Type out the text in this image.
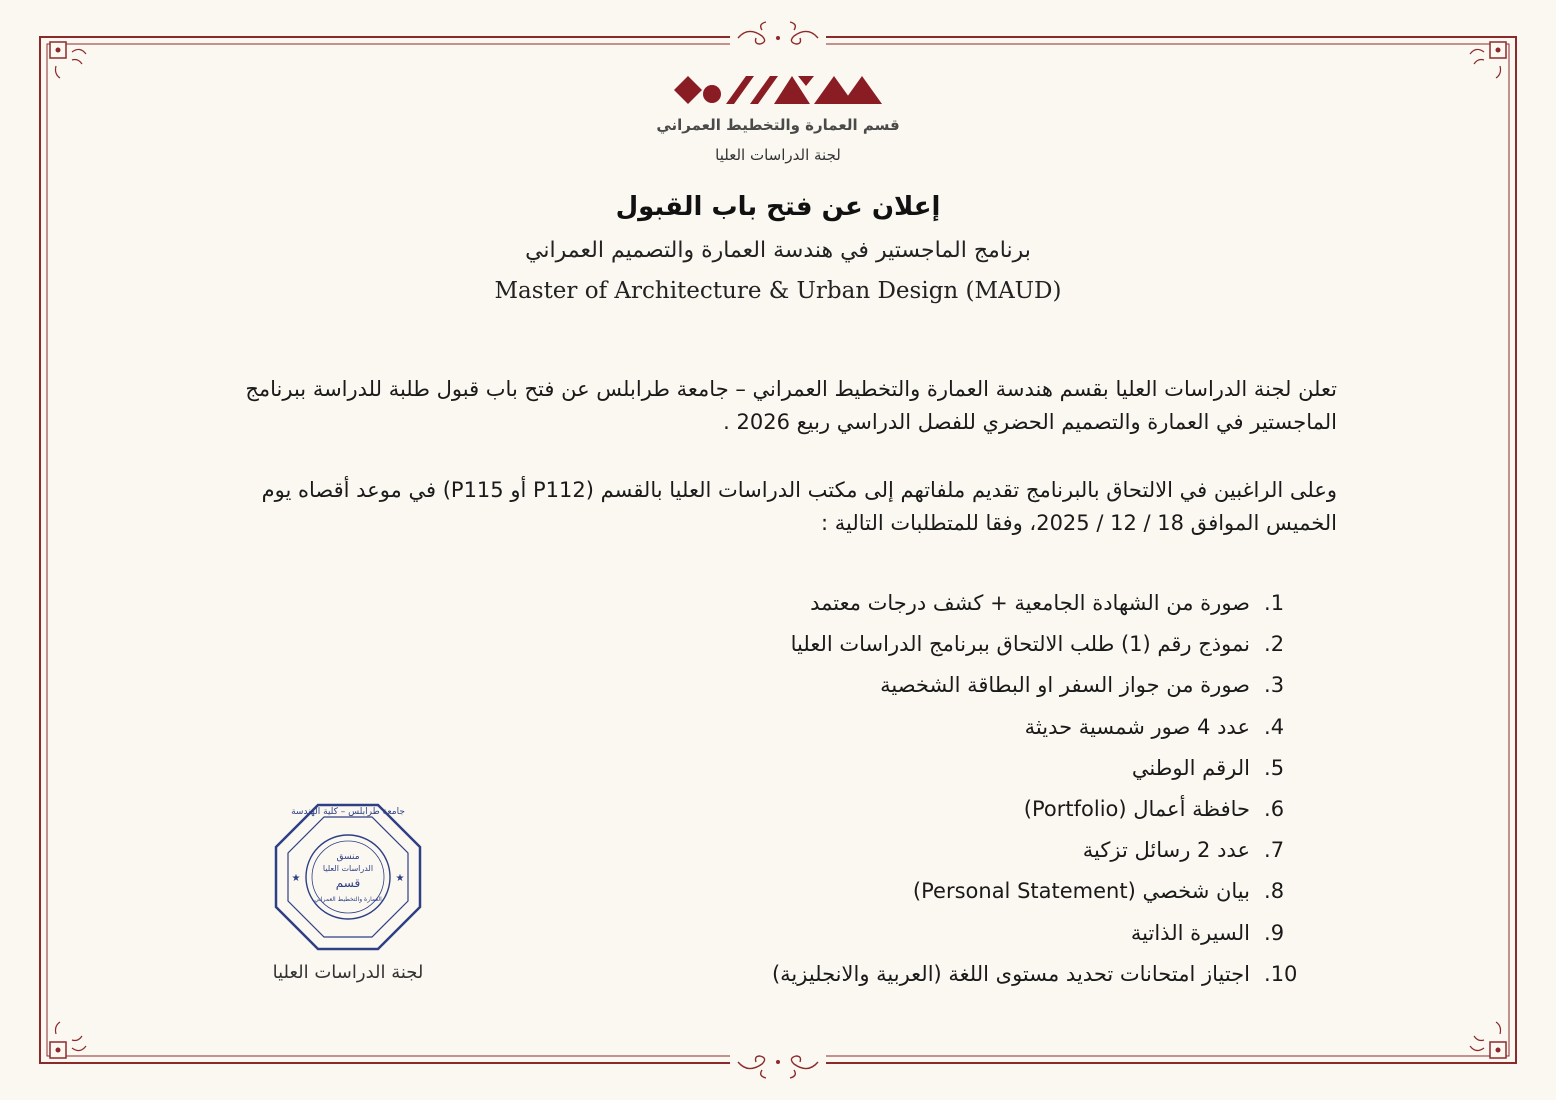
قسم العمارة والتخطيط العمراني
لجنة الدراسات العليا
إعلان عن فتح باب القبول
برنامج الماجستير في هندسة العمارة والتصميم العمراني
Master of Architecture & Urban Design (MAUD)
تعلن لجنة الدراسات العليا بقسم هندسة العمارة والتخطيط العمراني – جامعة طرابلس عن فتح باب قبول طلبة للدراسة ببرنامج الماجستير في العمارة والتصميم الحضري للفصل الدراسي ربيع 2026 .
وعلى الراغبين في الالتحاق بالبرنامج تقديم ملفاتهم إلى مكتب الدراسات العليا بالقسم (P112 أو P115) في موعد أقصاه يوم الخميس الموافق 18 / 12 / 2025، وفقا للمتطلبات التالية :
1.صورة من الشهادة الجامعية + كشف درجات معتمد
2.نموذج رقم (1) طلب الالتحاق ببرنامج الدراسات العليا
3.صورة من جواز السفر او البطاقة الشخصية
4.عدد 4 صور شمسية حديثة
5.الرقم الوطني
6.حافظة أعمال (Portfolio)
7.عدد 2 رسائل تزكية
8.بيان شخصي (Personal Statement)
9.السيرة الذاتية
10.اجتياز امتحانات تحديد مستوى اللغة (العربية والانجليزية)
★	★
جامعة طرابلس – كلية الهندسة
منسق
الدراسات العليا
قسم
العمارة والتخطيط العمراني
لجنة الدراسات العليا
